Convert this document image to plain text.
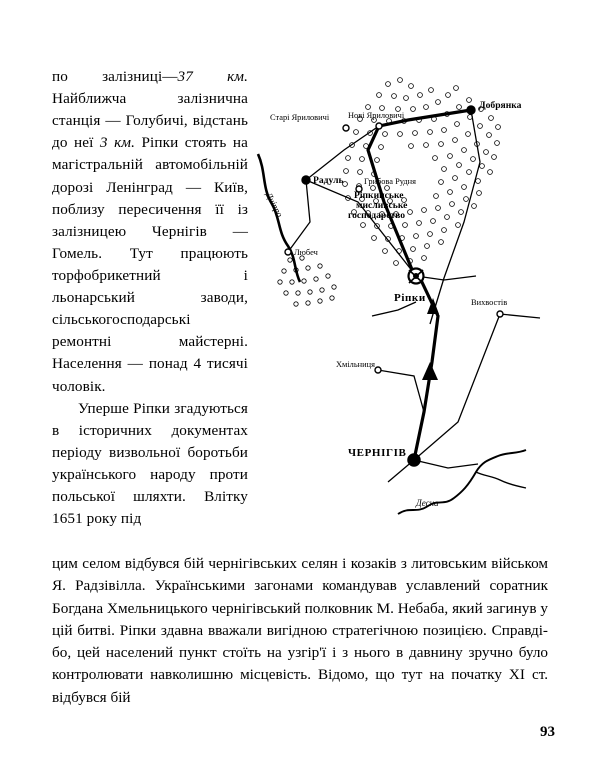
по залізниці—37 км. Найближча залізнична станція — Голубичі, відстань до неї 3 км. Ріпки стоять на магістральній автомобільній дорозі Ленінград — Київ, поблизу пересичення її із залізницею Чернігів — Гомель. Тут працюють торфобрикетний і льонарський заводи, сільськогосподарські ремонтні майстерні. Населення — понад 4 тисячі чоловік.

Уперше Ріпки згадуються в історичних документах періоду визвольної боротьби українського народу проти польської шляхти. Влітку 1651 року під

цим селом відбувся бій чернігівських селян і козаків з литовським військом Я. Радзівілла. Українськими загонами командував уславлений соратник Богдана Хмельницького чернігівський полковник М. Небаба, який загинув у цій битві. Ріпки здавна вважали вигідною стратегічною позицією. Справді-бо, цей населений пункт стоїть на узгір'ї і з нього в давнину зручно було контролювати навколишню місцевість. Відомо, що тут на початку XI ст. відбувся бій

93
Дніпро
Десна
Старі Яриловичі Нові Яриловичі
Добрянка
Грибова Рудня
Ріпкинське
мисливське
господарство
Радуль
Ріпки
Любеч
Вихвостів
Хмільниця
ЧЕРНІГІВ
